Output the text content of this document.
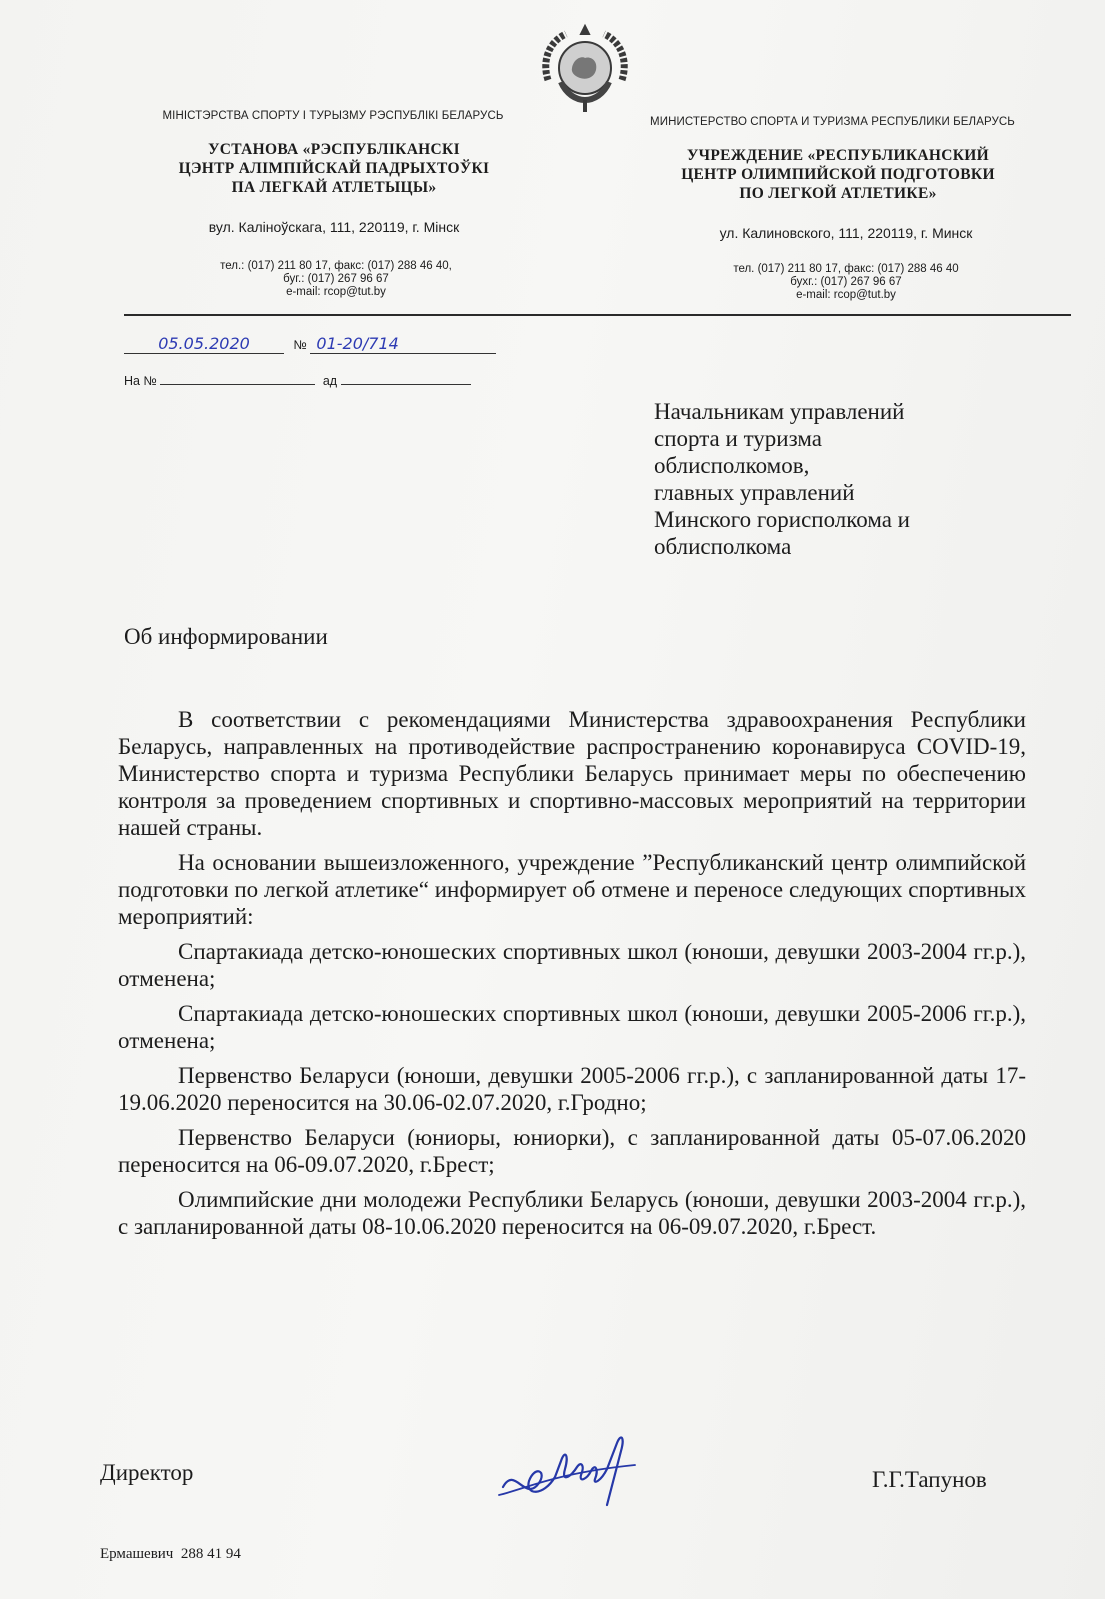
МІНІСТЭРСТВА СПОРТУ І ТУРЫЗМУ РЭСПУБЛІКІ БЕЛАРУСЬ
УСТАНОВА «РЭСПУБЛІКАНСКІ
ЦЭНТР АЛІМПІЙСКАЙ ПАДРЫХТОЎКІ
ПА ЛЕГКАЙ АТЛЕТЫЦЫ»
вул. Каліноўскага, 111, 220119, г. Мінск
тел.: (017) 211 80 17, факс: (017) 288 46 40,
буг.: (017) 267 96 67
e-mail: rcop@tut.by
МИНИСТЕРСТВО СПОРТА И ТУРИЗМА РЕСПУБЛИКИ БЕЛАРУСЬ
УЧРЕЖДЕНИЕ «РЕСПУБЛИКАНСКИЙ
ЦЕНТР ОЛИМПИЙСКОЙ ПОДГОТОВКИ
ПО ЛЕГКОЙ АТЛЕТИКЕ»
ул. Калиновского, 111, 220119, г. Минск
тел. (017) 211 80 17, факс: (017) 288 46 40
бухг.: (017) 267 96 67
e-mail: rcop@tut.by
05.05.2020	№ 01-20/714
На №	ад
Начальникам управлений
спорта и туризма
облисполкомов,
главных управлений
Минского горисполкома и
облисполкома
Об информировании

В соответствии с рекомендациями Министерства здравоохранения Республики Беларусь, направленных на противодействие распространению коронавируса COVID-19, Министерство спорта и туризма Республики Беларусь принимает меры по обеспечению контроля за проведением спортивных и спортивно-массовых мероприятий на территории нашей страны.

На основании вышеизложенного, учреждение ”Республиканский центр олимпийской подготовки по легкой атлетике“ информирует об отмене и переносе следующих спортивных мероприятий:

Спартакиада детско-юношеских спортивных школ (юноши, девушки 2003-2004 гг.р.), отменена;

Спартакиада детско-юношеских спортивных школ (юноши, девушки 2005-2006 гг.р.), отменена;

Первенство Беларуси (юноши, девушки 2005-2006 гг.р.), с запланированной даты 17-19.06.2020 переносится на 30.06-02.07.2020, г.Гродно;

Первенство Беларуси (юниоры, юниорки), с запланированной даты 05-07.06.2020 переносится на 06-09.07.2020, г.Брест;

Олимпийские дни молодежи Республики Беларусь (юноши, девушки 2003-2004 гг.р.), с запланированной даты 08-10.06.2020 переносится на 06-09.07.2020, г.Брест.

Директор	Г.Г.Тапунов
Ермашевич  288 41 94
